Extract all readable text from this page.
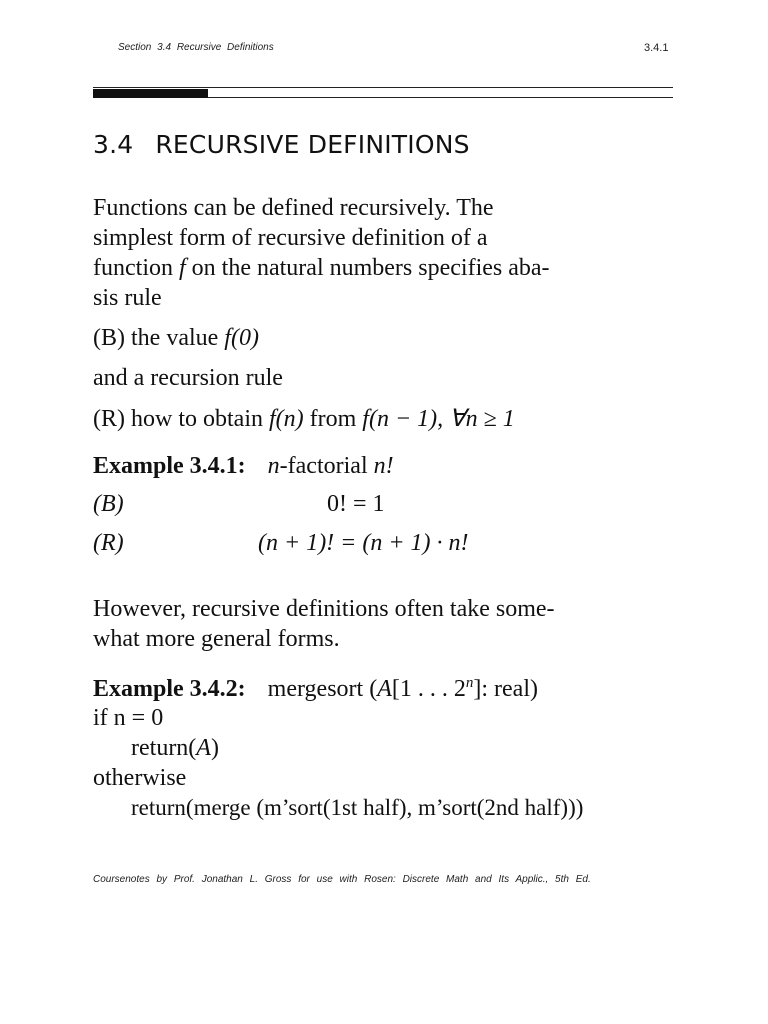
Section 3.4 Recursive Definitions	3.4.1
3.4 RECURSIVE DEFINITIONS
Functions can be defined recursively. The
simplest form of recursive definition of a
function f on the natural numbers specifies aba-
sis rule
(B) the value f(0)
and a recursion rule
(R) how to obtain f(n) from f(n − 1), ∀n ≥ 1
Example 3.4.1: n-factorial n!
(B)	0! = 1
(R)	(n + 1)! = (n + 1) · n!
However, recursive definitions often take some-
what more general forms.
Example 3.4.2: mergesort (A[1 . . . 2$^n$]: real)
if n = 0
return(A)
otherwise
return(merge (m’sort(1st half), m’sort(2nd half)))
Coursenotes by Prof. Jonathan L. Gross for use with Rosen: Discrete Math and Its Applic., 5th Ed.
